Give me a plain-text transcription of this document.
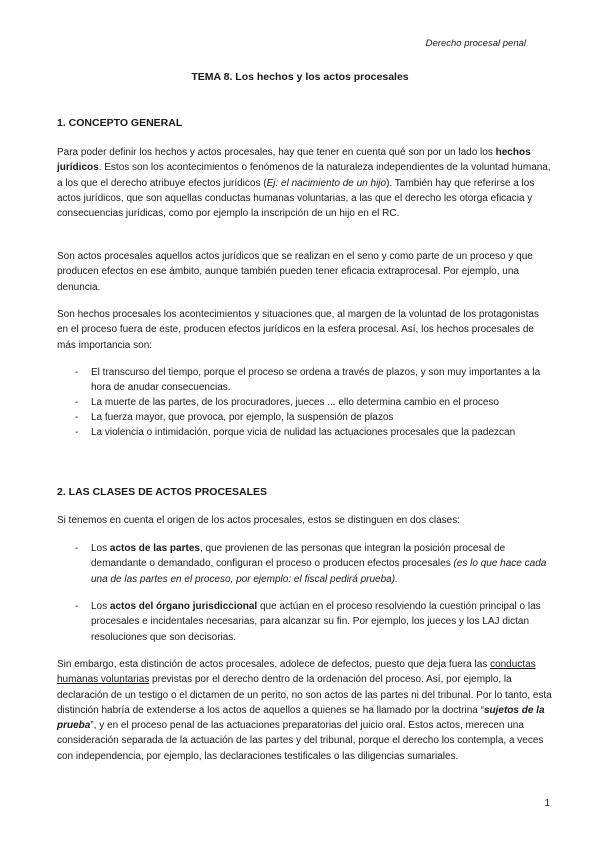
Derecho procesal penal
TEMA 8. Los hechos y los actos procesales
1. CONCEPTO GENERAL
Para poder definir los hechos y actos procesales, hay que tener en cuenta qué son por un lado los hechos jurídicos. Estos son los acontecimientos o fenómenos de la naturaleza independientes de la voluntad humana, a los que el derecho atribuye efectos jurídicos (Ej: el nacimiento de un hijo). También hay que referirse a los actos jurídicos, que son aquellas conductas humanas voluntarias, a las que el derecho les otorga eficacia y consecuencias jurídicas, como por ejemplo la inscripción de un hijo en el RC.
Son actos procesales aquellos actos jurídicos que se realizan en el seno y como parte de un proceso y que producen efectos en ese ámbito, aunque también pueden tener eficacia extraprocesal. Por ejemplo, una denuncia.
Son hechos procesales los acontecimientos y situaciones que, al margen de la voluntad de los protagonistas en el proceso fuera de este, producen efectos jurídicos en la esfera procesal. Así, los hechos procesales de más importancia son:
- El transcurso del tiempo, porque el proceso se ordena a través de plazos, y son muy importantes a la hora de anudar consecuencias.
- La muerte de las partes, de los procuradores, jueces ... ello determina cambio en el proceso
- La fuerza mayor, que provoca, por ejemplo, la suspensión de plazos
- La violencia o intimidación, porque vicia de nulidad las actuaciones procesales que la padezcan
2. LAS CLASES DE ACTOS PROCESALES
Si tenemos en cuenta el origen de los actos procesales, estos se distinguen en dos clases:
- Los actos de las partes, que provienen de las personas que integran la posición procesal de demandante o demandado, configuran el proceso o producen efectos procesales (es lo que hace cada una de las partes en el proceso, por ejemplo: el fiscal pedirá prueba).
- Los actos del órgano jurisdiccional que actúan en el proceso resolviendo la cuestión principal o las procesales e incidentales necesarias, para alcanzar su fin. Por ejemplo, los jueces y los LAJ dictan resoluciones que son decisorias.
Sin embargo, esta distinción de actos procesales, adolece de defectos, puesto que deja fuera las conductas humanas voluntarias previstas por el derecho dentro de la ordenación del proceso. Así, por ejemplo, la declaración de un testigo o el dictamen de un perito, no son actos de las partes ni del tribunal. Por lo tanto, esta distinción habría de extenderse a los actos de aquellos a quienes se ha llamado por la doctrina “sujetos de la prueba”, y en el proceso penal de las actuaciones preparatorias del juicio oral. Estos actos, merecen una consideración separada de la actuación de las partes y del tribunal, porque el derecho los contempla, a veces con independencia, por ejemplo, las declaraciones testificales o las diligencias sumariales.
1
